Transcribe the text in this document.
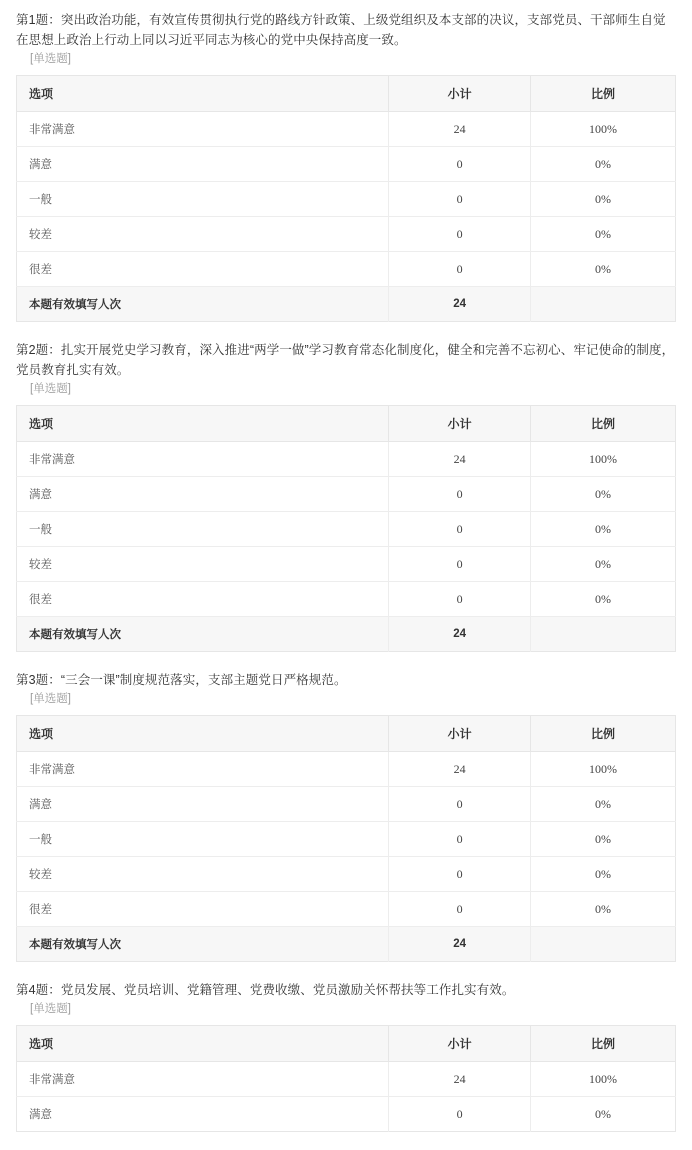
第1题：突出政治功能，有效宣传贯彻执行党的路线方针政策、上级党组织及本支部的决议，支部党员、干部师生自觉在思想上政治上行动上同以习近平同志为核心的党中央保持高度一致。

[单选题]

选项	小计	比例
非常满意	24	100%
满意	0	0%
一般	0	0%
较差	0	0%
很差	0	0%
本题有效填写人次	24	

第2题：扎实开展党史学习教育，深入推进“两学一做”学习教育常态化制度化，健全和完善不忘初心、牢记使命的制度，党员教育扎实有效。

[单选题]

选项	小计	比例
非常满意	24	100%
满意	0	0%
一般	0	0%
较差	0	0%
很差	0	0%
本题有效填写人次	24	

第3题：“三会一课”制度规范落实，支部主题党日严格规范。

[单选题]

选项	小计	比例
非常满意	24	100%
满意	0	0%
一般	0	0%
较差	0	0%
很差	0	0%
本题有效填写人次	24	

第4题：党员发展、党员培训、党籍管理、党费收缴、党员激励关怀帮扶等工作扎实有效。

[单选题]

选项	小计	比例
非常满意	24	100%
满意	0	0%
